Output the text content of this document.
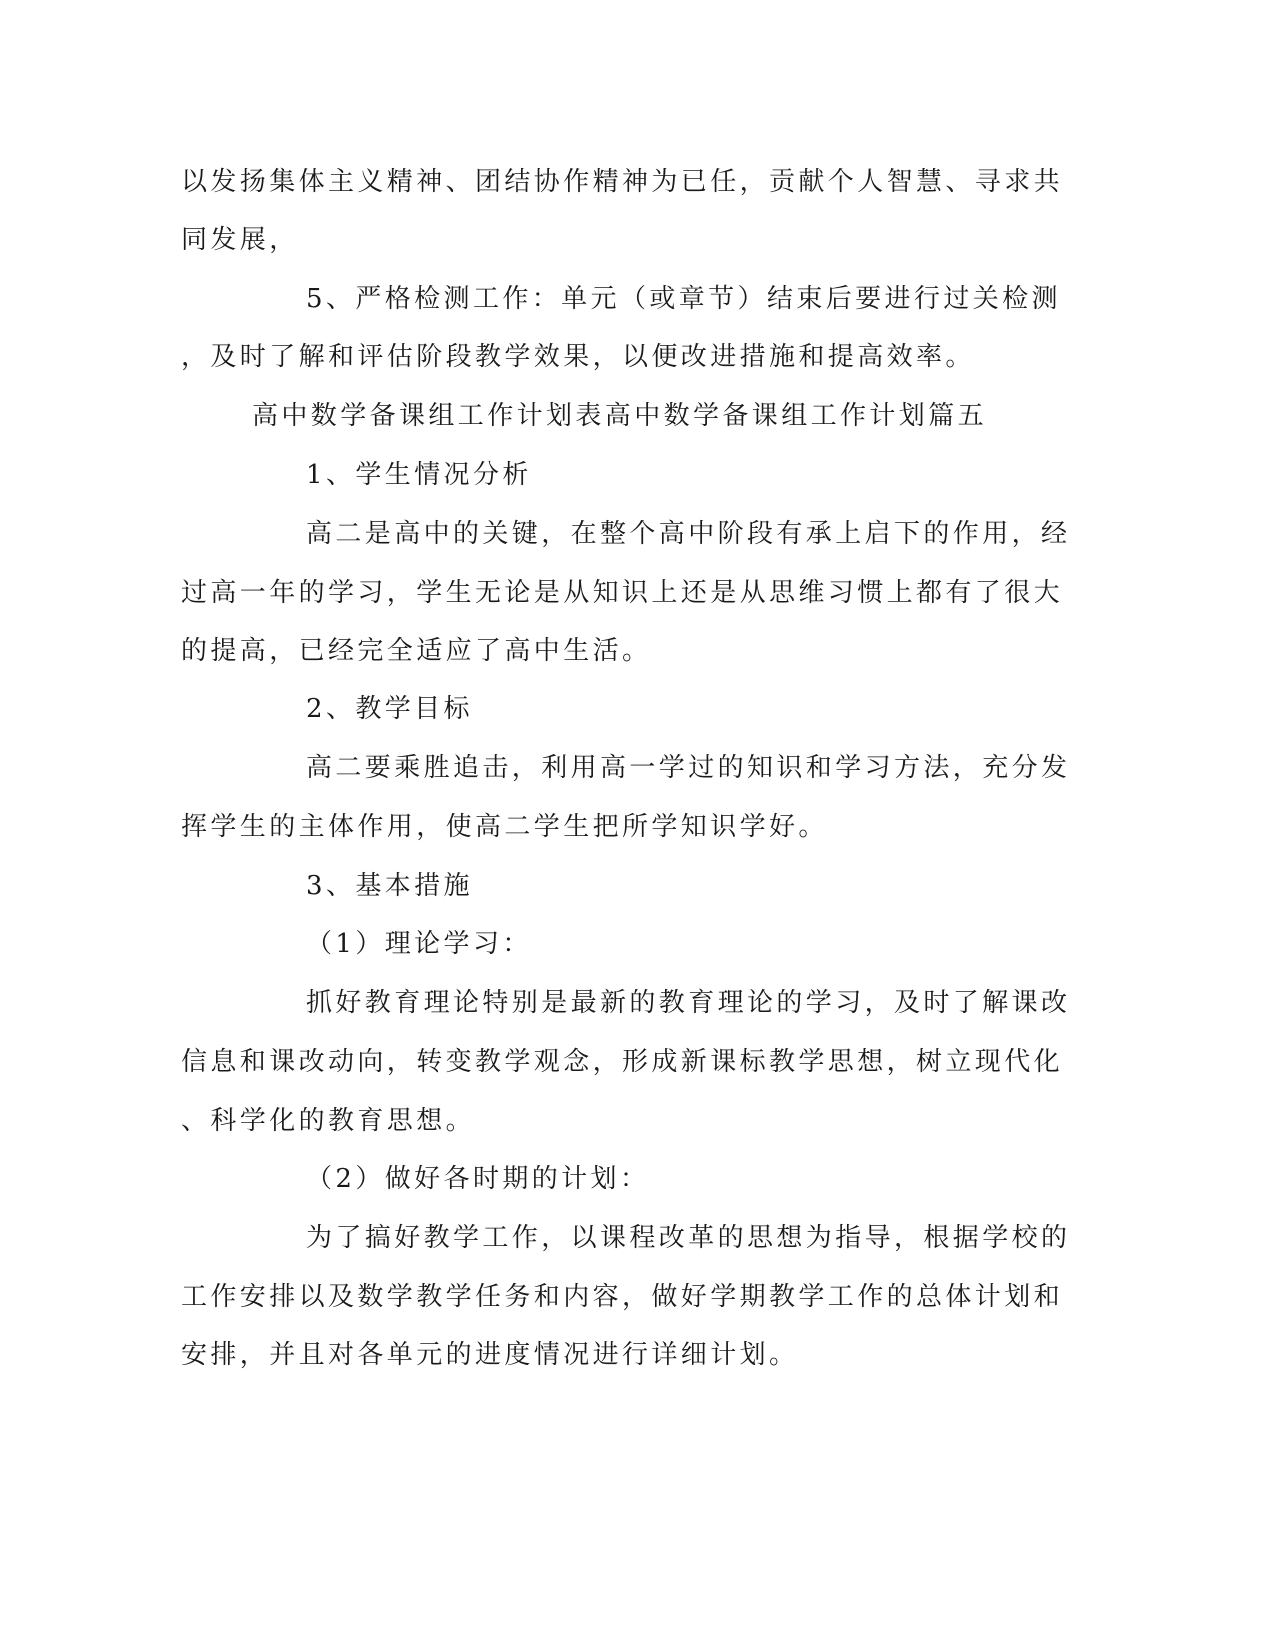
以发扬集体主义精神、团结协作精神为已任，贡献个人智慧、寻求共

同发展，

5、严格检测工作：单元（或章节）结束后要进行过关检测

，及时了解和评估阶段教学效果，以便改进措施和提高效率。

高中数学备课组工作计划表高中数学备课组工作计划篇五

1、学生情况分析

高二是高中的关键，在整个高中阶段有承上启下的作用，经

过高一年的学习，学生无论是从知识上还是从思维习惯上都有了很大

的提高，已经完全适应了高中生活。

2、教学目标

高二要乘胜追击，利用高一学过的知识和学习方法，充分发

挥学生的主体作用，使高二学生把所学知识学好。

3、基本措施

（1）理论学习：

抓好教育理论特别是最新的教育理论的学习，及时了解课改

信息和课改动向，转变教学观念，形成新课标教学思想，树立现代化

、科学化的教育思想。

（2）做好各时期的计划：

为了搞好教学工作，以课程改革的思想为指导，根据学校的

工作安排以及数学教学任务和内容，做好学期教学工作的总体计划和

安排，并且对各单元的进度情况进行详细计划。
